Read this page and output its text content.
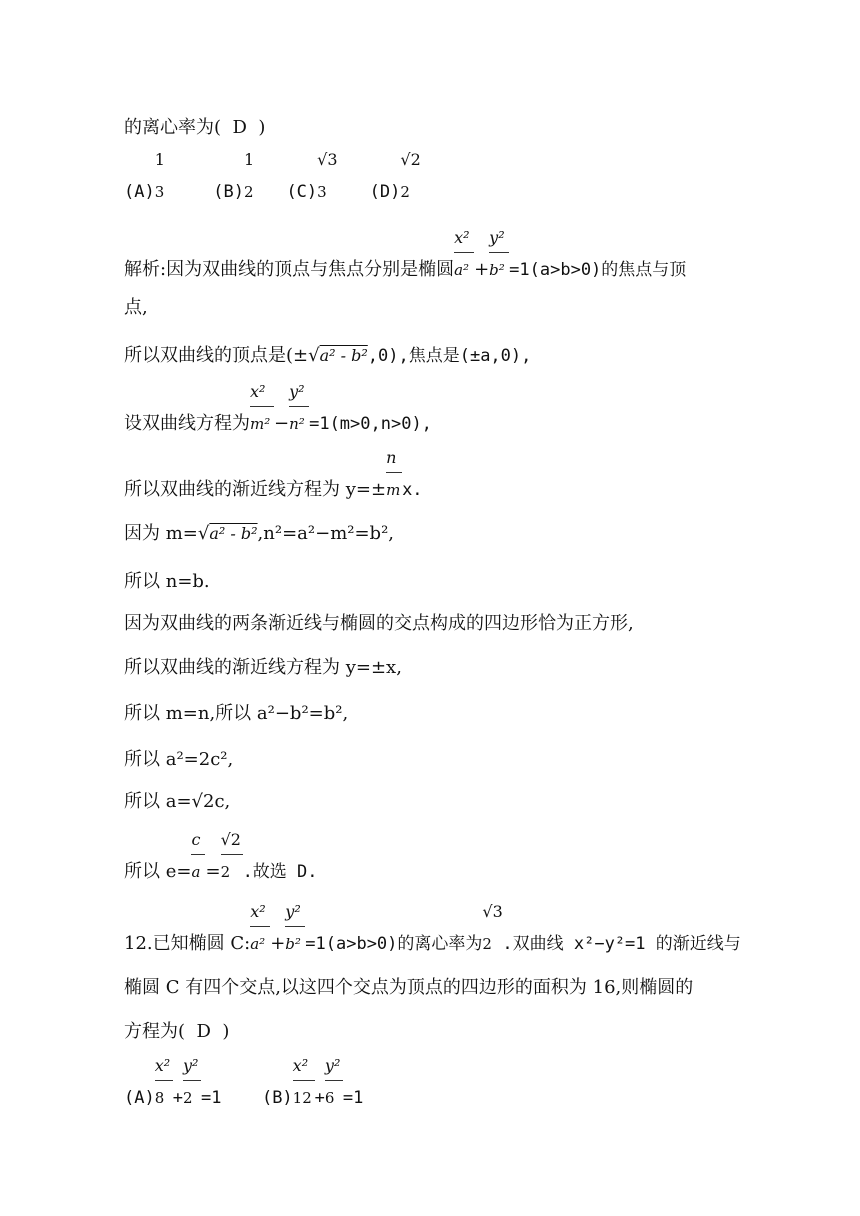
的离心率为(  D  )
(A)
1
3	(B)
1
2 (C)
√3
3	(D)
√2
2
解析:因为双曲线的顶点与焦点分别是椭圆 $\frac{\text{x²}}{\text{a²}} + \frac{\text{y²}}{\text{b²}} =1(a>b>0)$的焦点与顶
点,
所以双曲线的顶点是(±√a² - b²,0),焦点是(±a,0),
设双曲线方程为 $\frac{\text{x²}}{\text{m²}} - \frac{\text{y²}}{\text{n²}} =1(m>0,n>0)$,
所以双曲线的渐近线方程为 $y=\pm \frac{n}{m} x$.
因为 m=√a² - b²,n²=a²−m²=b²,
所以 n=b.
因为双曲线的两条渐近线与椭圆的交点构成的四边形恰为正方形,
所以双曲线的渐近线方程为 y=±x,
所以 m=n,所以 a²−b²=b²,
所以 a²=2c²,
所以 a=√2c,
所以 $e= \frac{c}{a} = \frac{√2}{2}$ .故选 D.
12.已知椭圆 C: $\frac{\text{x²}}{\text{a²}} + \frac{\text{y²}}{\text{b²}} =1(a>b>0)$的离心率为
√3
2 .双曲线 x²−y²=1 的渐近线与
椭圆 C 有四个交点,以这四个交点为顶点的四边形的面积为 16,则椭圆的
方程为(  D  )
$(A) \frac{\text{x²}}{8} + \frac{\text{y²}}{2} =1$ $(B) \frac{\text{x²}}{12} + \frac{\text{y²}}{6} =1$
